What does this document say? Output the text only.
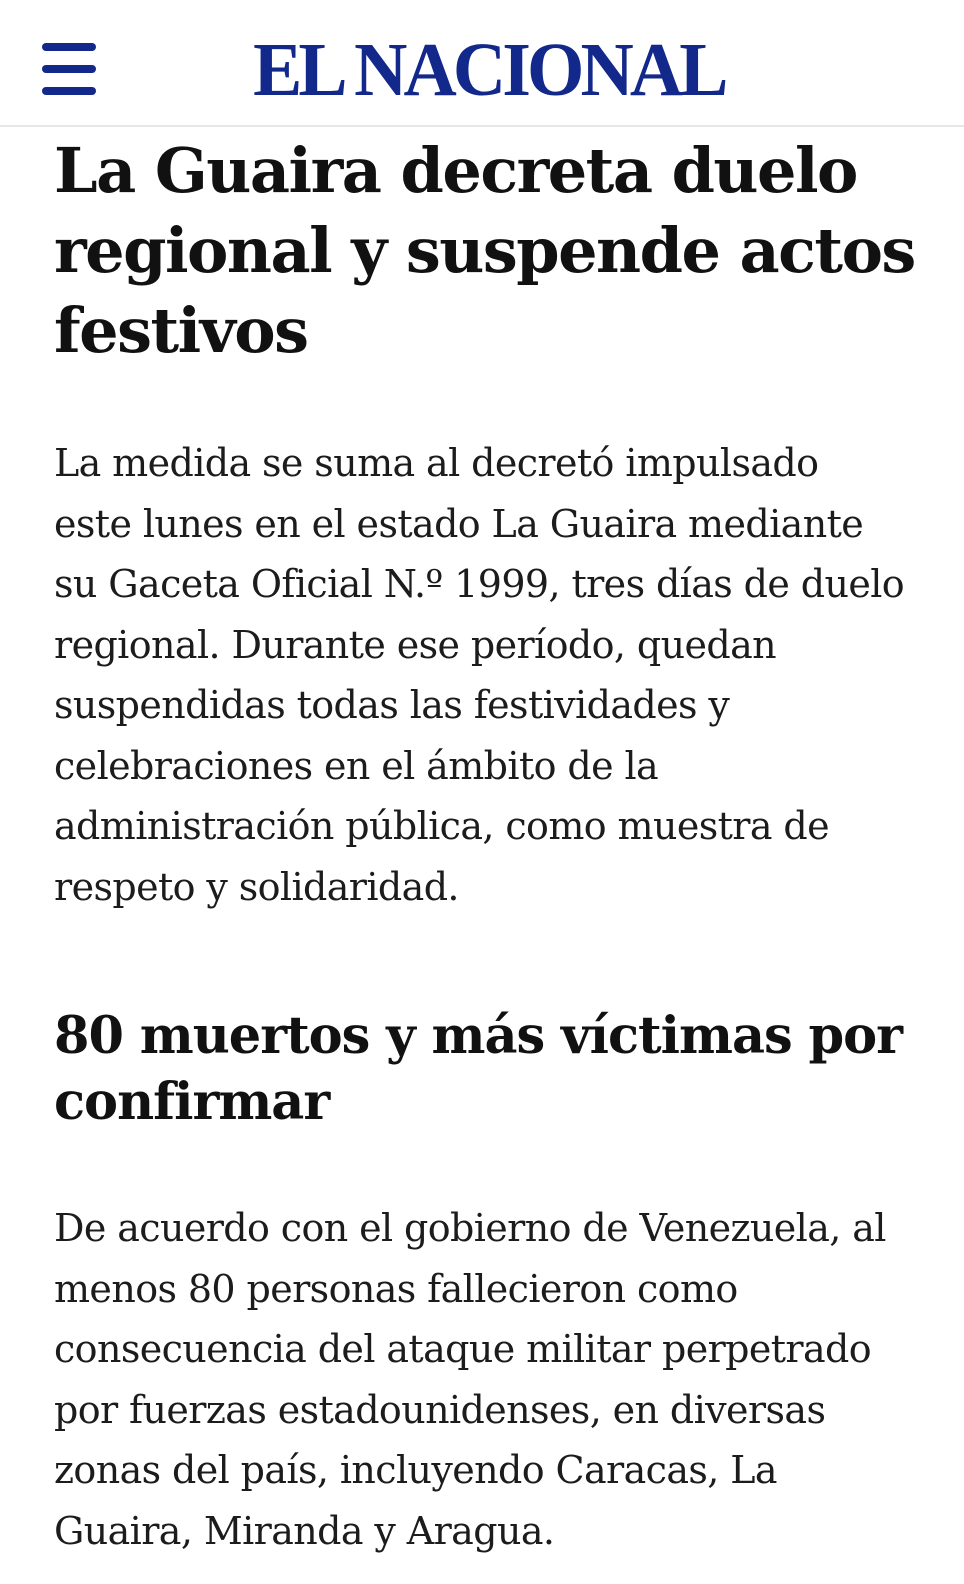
EL NACIONAL
La Guaira decreta duelo
regional y suspende actos
festivos

La medida se suma al decretó impulsado
este lunes en el estado La Guaira mediante
su Gaceta Oficial N.º 1999, tres días de duelo
regional. Durante ese período, quedan
suspendidas todas las festividades y
celebraciones en el ámbito de la
administración pública, como muestra de
respeto y solidaridad.

80 muertos y más víctimas por
confirmar

De acuerdo con el gobierno de Venezuela, al
menos 80 personas fallecieron como
consecuencia del ataque militar perpetrado
por fuerzas estadounidenses, en diversas
zonas del país, incluyendo Caracas, La
Guaira, Miranda y Aragua.
